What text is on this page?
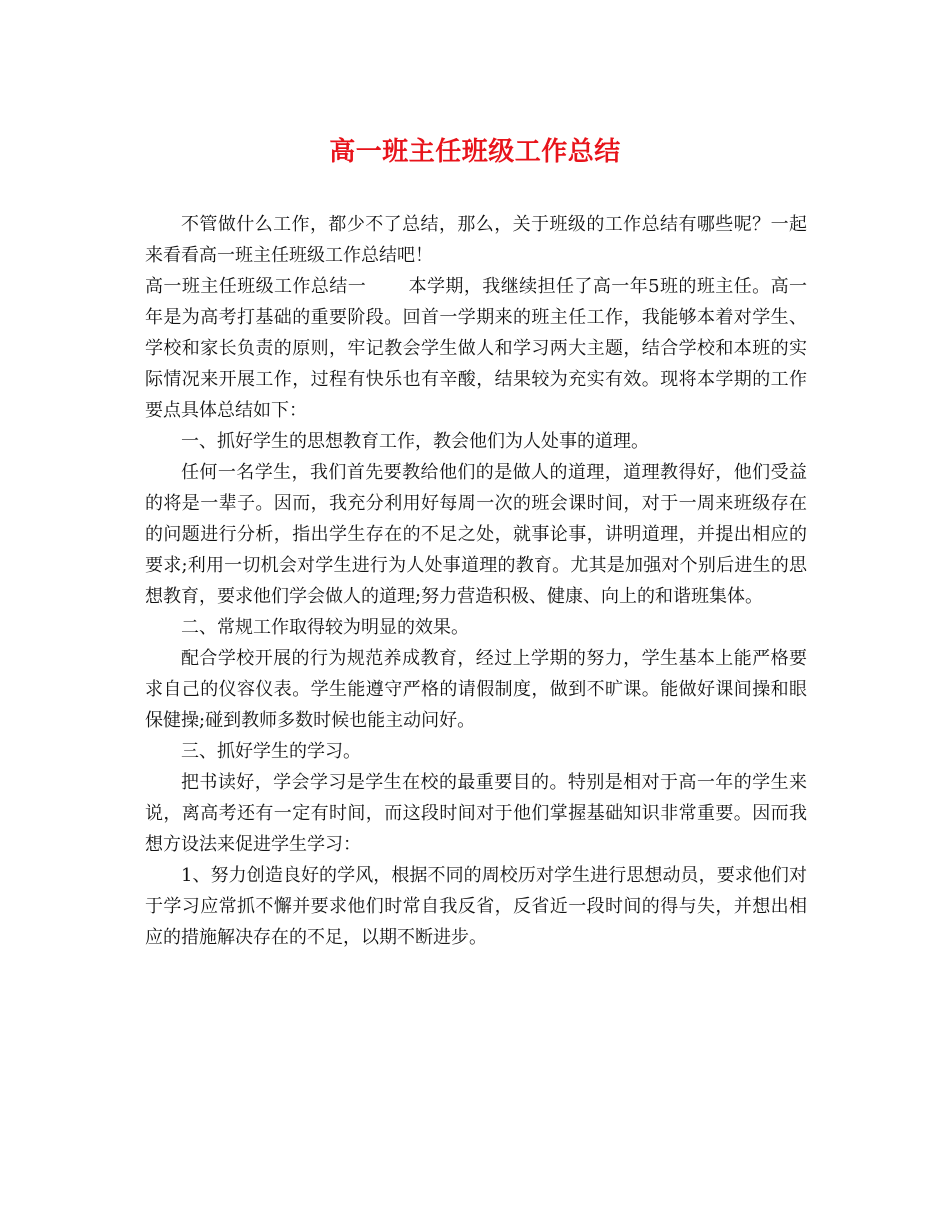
高一班主任班级工作总结

不管做什么工作，都少不了总结，那么，关于班级的工作总结有哪些呢？一起来看看高一班主任班级工作总结吧！

高一班主任班级工作总结一 本学期，我继续担任了高一年5班的班主任。高一年是为高考打基础的重要阶段。回首一学期来的班主任工作，我能够本着对学生、学校和家长负责的原则，牢记教会学生做人和学习两大主题，结合学校和本班的实际情况来开展工作，过程有快乐也有辛酸，结果较为充实有效。现将本学期的工作要点具体总结如下：

一、抓好学生的思想教育工作，教会他们为人处事的道理。

任何一名学生，我们首先要教给他们的是做人的道理，道理教得好，他们受益的将是一辈子。因而，我充分利用好每周一次的班会课时间，对于一周来班级存在的问题进行分析，指出学生存在的不足之处，就事论事，讲明道理，并提出相应的要求;利用一切机会对学生进行为人处事道理的教育。尤其是加强对个别后进生的思想教育，要求他们学会做人的道理;努力营造积极、健康、向上的和谐班集体。

二、常规工作取得较为明显的效果。

配合学校开展的行为规范养成教育，经过上学期的努力，学生基本上能严格要求自己的仪容仪表。学生能遵守严格的请假制度，做到不旷课。能做好课间操和眼保健操;碰到教师多数时候也能主动问好。

三、抓好学生的学习。

把书读好，学会学习是学生在校的最重要目的。特别是相对于高一年的学生来说，离高考还有一定有时间，而这段时间对于他们掌握基础知识非常重要。因而我想方设法来促进学生学习：

1、努力创造良好的学风，根据不同的周校历对学生进行思想动员，要求他们对于学习应常抓不懈并要求他们时常自我反省，反省近一段时间的得与失，并想出相应的措施解决存在的不足，以期不断进步。
